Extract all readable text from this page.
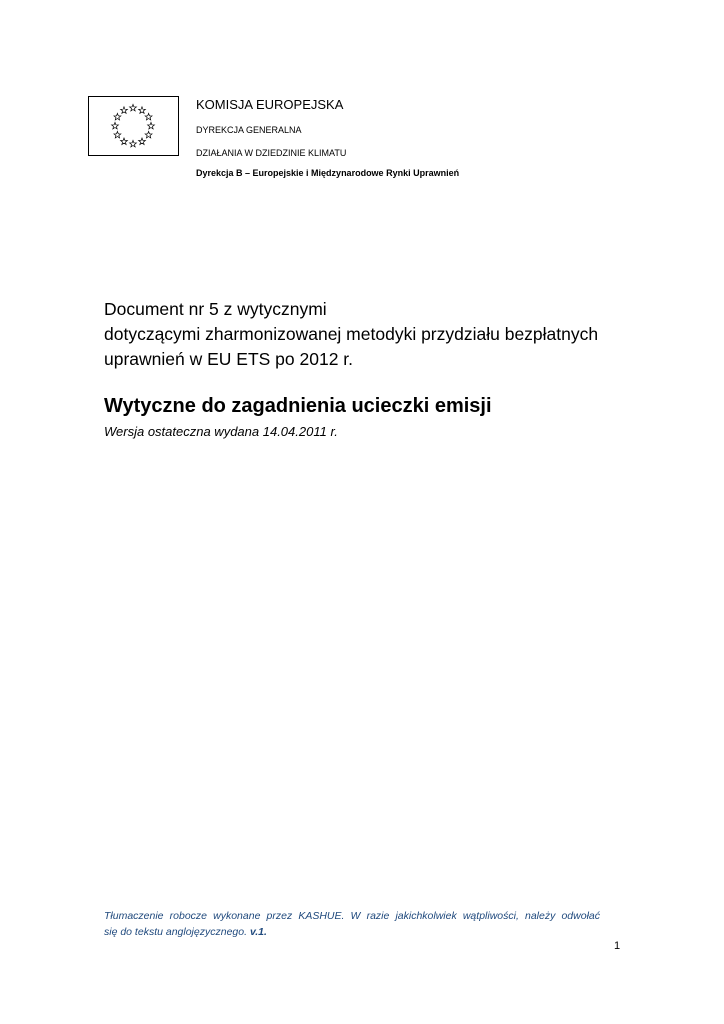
KOMISJA EUROPEJSKA
DYREKCJA GENERALNA
DZIAŁANIA W DZIEDZINIE KLIMATU
Dyrekcja B – Europejskie i Międzynarodowe Rynki Uprawnień
Document nr 5 z wytycznymi
dotyczącymi zharmonizowanej metodyki przydziału bezpłatnych
uprawnień w EU ETS po 2012 r.
Wytyczne do zagadnienia ucieczki emisji
Wersja ostateczna wydana 14.04.2011 r.
Tłumaczenie robocze wykonane przez KASHUE. W razie jakichkolwiek wątpliwości, należy odwołać
się do tekstu anglojęzycznego. v.1.
1
